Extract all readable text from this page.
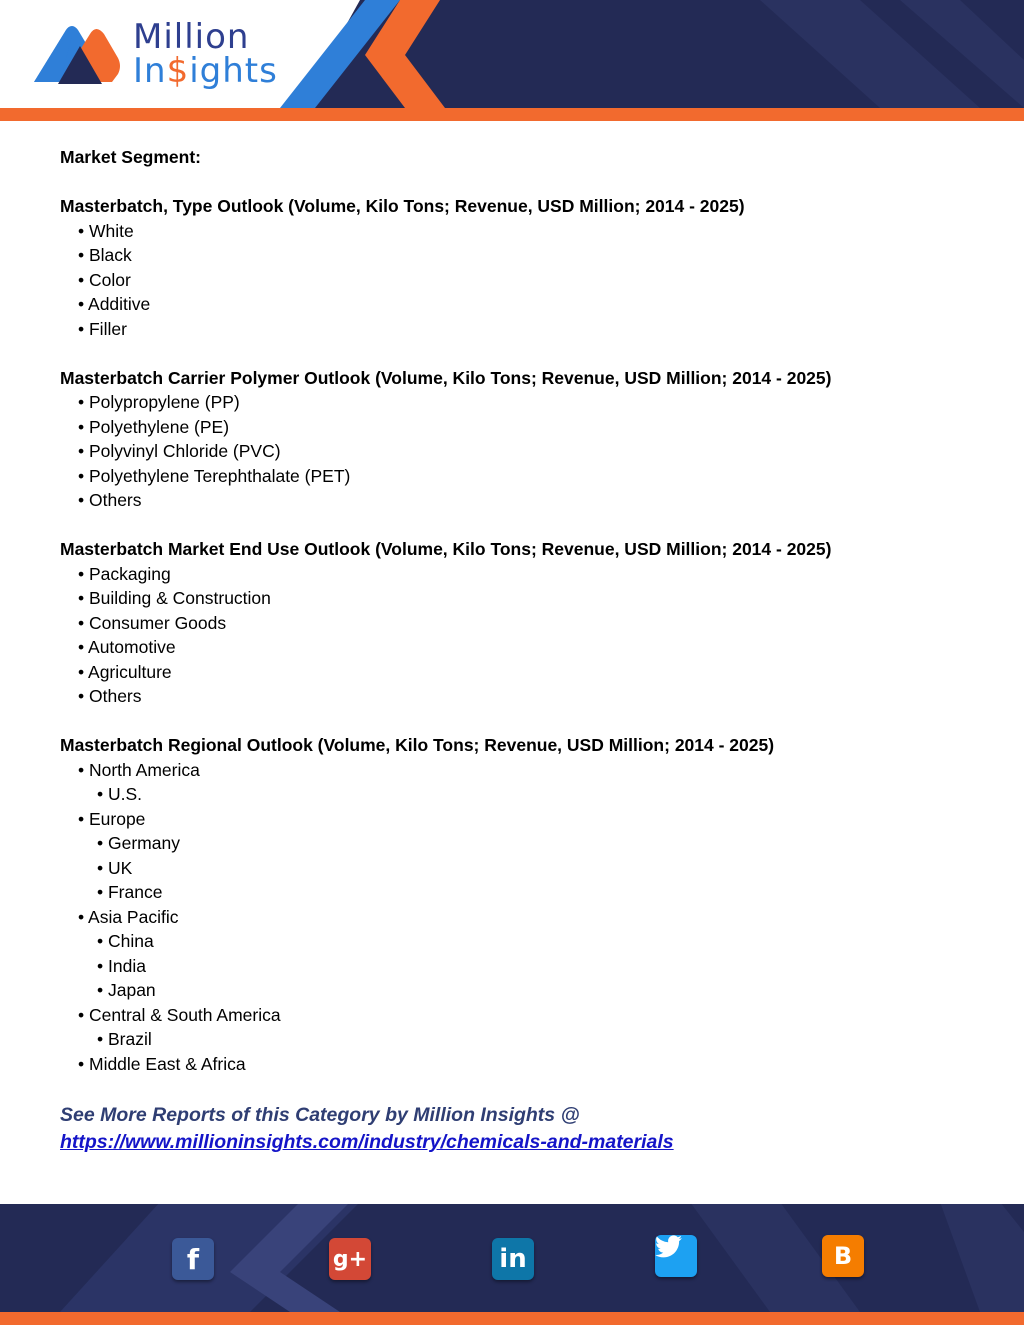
Million
In$ights
Market Segment:
Masterbatch, Type Outlook (Volume, Kilo Tons; Revenue, USD Million; 2014 - 2025)
• White
• Black
• Color
• Additive
• Filler
Masterbatch Carrier Polymer Outlook (Volume, Kilo Tons; Revenue, USD Million; 2014 - 2025)
• Polypropylene (PP)
• Polyethylene (PE)
• Polyvinyl Chloride (PVC)
• Polyethylene Terephthalate (PET)
• Others
Masterbatch Market End Use Outlook (Volume, Kilo Tons; Revenue, USD Million; 2014 - 2025)
• Packaging
• Building & Construction
• Consumer Goods
• Automotive
• Agriculture
• Others
Masterbatch Regional Outlook (Volume, Kilo Tons; Revenue, USD Million; 2014 - 2025)
• North America
• U.S.
• Europe
• Germany
• UK
• France
• Asia Pacific
• China
• India
• Japan
• Central & South America
• Brazil
• Middle East & Africa
See More Reports of this Category by Million Insights @
https://www.millioninsights.com/industry/chemicals-and-materials
f	g+	in	B
